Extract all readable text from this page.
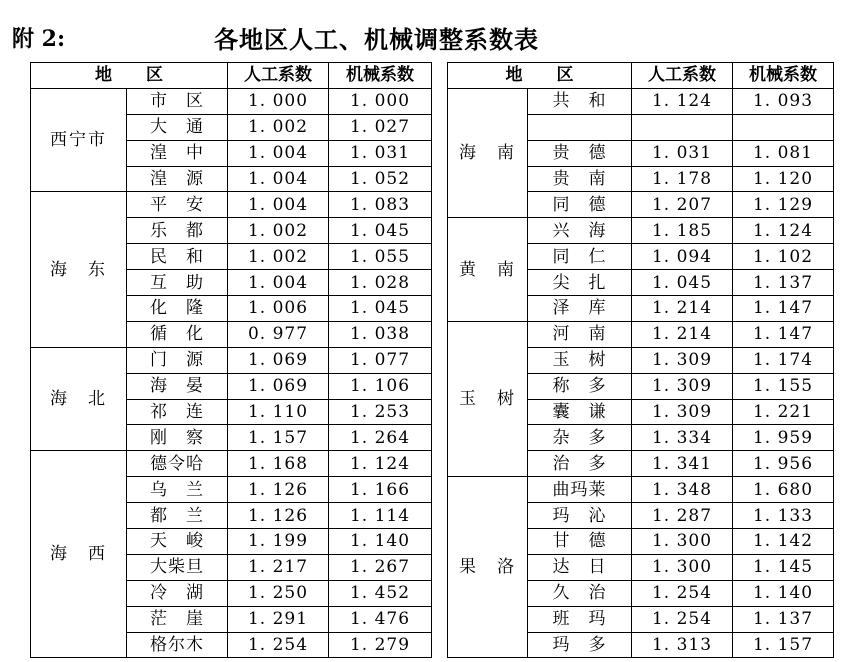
附 2:	各地区人工、机械调整系数表
地　　区		人工系数	机械系数
西宁市	市　区	1. 000	1. 000
	大　通	1. 002	1. 027
	湟　中	1. 004	1. 031
	湟　源	1. 004	1. 052
海　东	平　安	1. 004	1. 083
	乐　都	1. 002	1. 045
	民　和	1. 002	1. 055
	互　助	1. 004	1. 028
	化　隆	1. 006	1. 045
	循　化	0. 977	1. 038
海　北	门　源	1. 069	1. 077
	海　晏	1. 069	1. 106
	祁　连	1. 110	1. 253
	刚　察	1. 157	1. 264
海　西	德令哈	1. 168	1. 124
	乌　兰	1. 126	1. 166
	都　兰	1. 126	1. 114
	天　峻	1. 199	1. 140
	大柴旦	1. 217	1. 267
	冷　湖	1. 250	1. 452
	茫　崖	1. 291	1. 476
	格尔木	1. 254	1. 279
地　　区		人工系数	机械系数
海　南	共　和	1. 124	1. 093

	贵　德	1. 031	1. 081
	贵　南	1. 178	1. 120
	同　德	1. 207	1. 129
黄　南	兴　海	1. 185	1. 124
	同　仁	1. 094	1. 102
	尖　扎	1. 045	1. 137
	泽　库	1. 214	1. 147
玉　树	河　南	1. 214	1. 147
	玉　树	1. 309	1. 174
	称　多	1. 309	1. 155
	囊　谦	1. 309	1. 221
	杂　多	1. 334	1. 959
	治　多	1. 341	1. 956
果　洛	曲玛莱	1. 348	1. 680
	玛　沁	1. 287	1. 133
	甘　德	1. 300	1. 142
	达　日	1. 300	1. 145
	久　治	1. 254	1. 140
	班　玛	1. 254	1. 137
	玛　多	1. 313	1. 157
